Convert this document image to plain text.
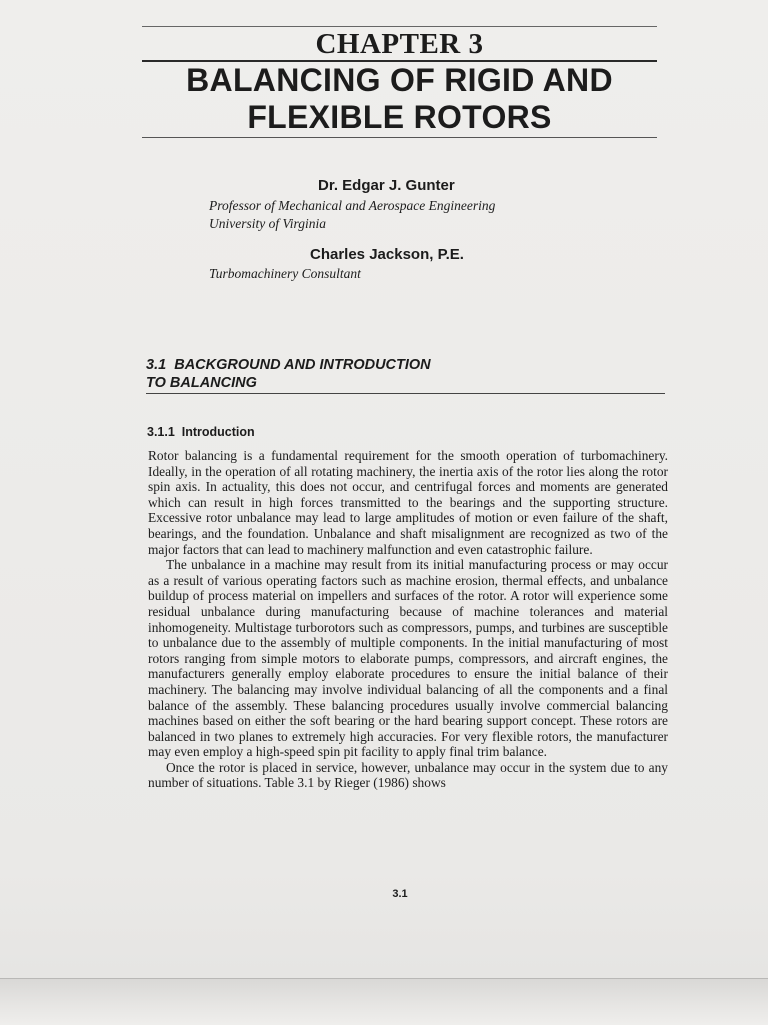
CHAPTER 3
BALANCING OF RIGID AND
FLEXIBLE ROTORS
Dr. Edgar J. Gunter
Professor of Mechanical and Aerospace Engineering
University of Virginia
Charles Jackson, P.E.
Turbomachinery Consultant
3.1 BACKGROUND AND INTRODUCTION
TO BALANCING
3.1.1 Introduction

Rotor balancing is a fundamental requirement for the smooth operation of turbomachinery. Ideally, in the operation of all rotating machinery, the inertia axis of the rotor lies along the rotor spin axis. In actuality, this does not occur, and centrifugal forces and moments are generated which can result in high forces transmitted to the bearings and the supporting structure. Excessive rotor unbalance may lead to large amplitudes of motion or even failure of the shaft, bearings, and the foundation. Unbalance and shaft misalignment are recognized as two of the major factors that can lead to machinery malfunction and even catastrophic failure.

The unbalance in a machine may result from its initial manufacturing process or may occur as a result of various operating factors such as machine erosion, thermal effects, and unbalance buildup of process material on impellers and surfaces of the rotor. A rotor will experience some residual unbalance during manufacturing because of machine tolerances and material inhomogeneity. Multistage turborotors such as compressors, pumps, and turbines are susceptible to unbalance due to the assembly of multiple components. In the initial manufacturing of most rotors ranging from simple motors to elaborate pumps, compressors, and aircraft engines, the manufacturers generally employ elaborate procedures to ensure the initial balance of their machinery. The balancing may involve individual balancing of all the components and a final balance of the assembly. These balancing procedures usually involve commercial balancing machines based on either the soft bearing or the hard bearing support concept. These rotors are balanced in two planes to extremely high accuracies. For very flexible rotors, the manufacturer may even employ a high-speed spin pit facility to apply final trim balance.

Once the rotor is placed in service, however, unbalance may occur in the system due to any number of situations. Table 3.1 by Rieger (1986) shows

3.1
